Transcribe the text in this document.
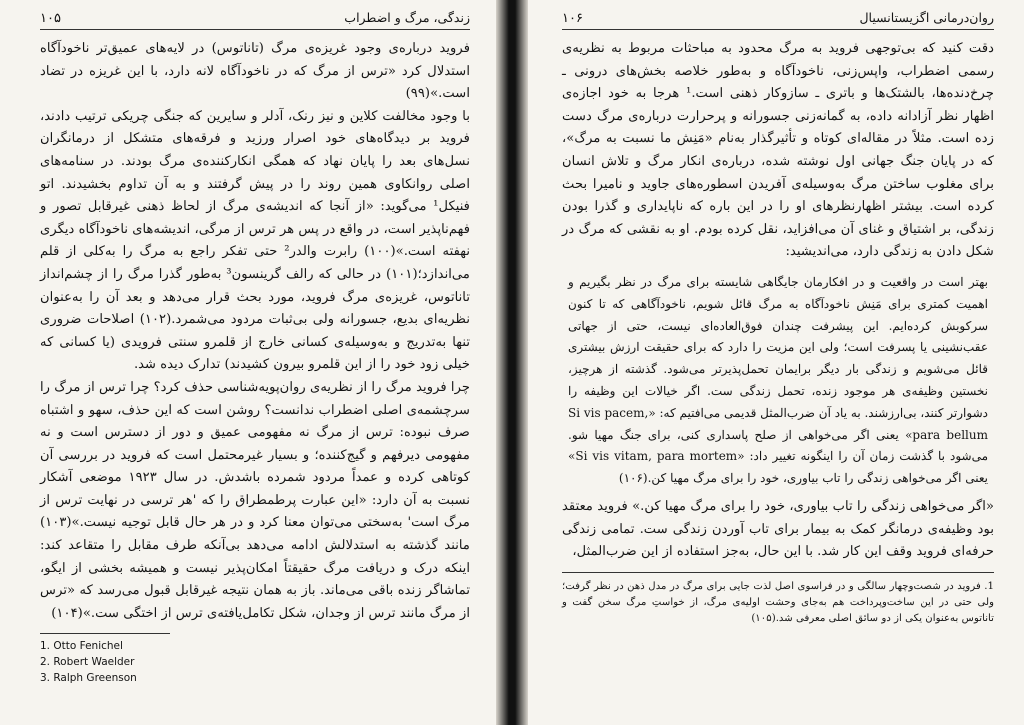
زندگی، مرگ و اضطراب
۱۰۵

فروید درباره‌ی وجود غریزه‌ی مرگ (تاناتوس) در لایه‌های عمیق‌تر ناخودآگاه استدلال کرد «ترس از مرگ که در ناخودآگاه لانه دارد، با این غریزه در تضاد است.»(۹۹)

با وجود مخالفت کلاین و نیز رنک، آدلر و سایرین که جنگی چریکی ترتیب دادند، فروید بر دیدگاه‌های خود اصرار ورزید و فرقه‌های متشکل از درمانگران نسل‌های بعد را پایان نهاد که همگی انکارکننده‌ی مرگ بودند. در سنامه‌های اصلی روانکاوی همین روند را در پیش گرفتند و به آن تداوم بخشیدند. اتو فنیکل¹ می‌گوید: «از آنجا که اندیشه‌ی مرگ از لحاظ ذهنی غیرقابل تصور و فهم‌ناپذیر است، در واقع در پس هر ترس از مرگی، اندیشه‌های ناخودآگاه دیگری نهفته است.»(۱۰۰) رابرت والدر² حتی تفکر راجع به مرگ را به‌کلی از قلم می‌اندازد؛(۱۰۱) در حالی که رالف گرینسون³ به‌طور گذرا مرگ را از چشم‌انداز تاناتوس، غریزه‌ی مرگ فروید، مورد بحث قرار می‌دهد و بعد آن را به‌عنوان نظریه‌ای بدیع، جسورانه ولی بی‌ثبات مردود می‌شمرد.(۱۰۲) اصلاحات ضروری تنها به‌تدریج و به‌وسیله‌ی کسانی خارج از قلمرو سنتی فرویدی (یا کسانی که خیلی زود خود را از این قلمرو بیرون کشیدند) تدارک دیده شد.

چرا فروید مرگ را از نظریه‌ی روان‌پویه‌شناسی حذف کرد؟ چرا ترس از مرگ را سرچشمه‌ی اصلی اضطراب ندانست؟ روشن است که این حذف، سهو و اشتباه صرف نبوده: ترس از مرگ نه مفهومی عمیق و دور از دسترس است و نه مفهومی دیرفهم و گیج‌کننده؛ و بسیار غیرمحتمل است که فروید در بررسی آن کوتاهی کرده و عمداً مردود شمرده باشدش. در سال ۱۹۲۳ موضعی آشکار نسبت به آن دارد: «این عبارت پرطمطراق را که 'هر ترسی در نهایت ترس از مرگ است' به‌سختی می‌توان معنا کرد و در هر حال قابل توجیه نیست.»(۱۰۳) مانند گذشته به استدلالش ادامه می‌دهد بی‌آنکه طرف مقابل را متقاعد کند: اینکه درک و دریافت مرگ حقیقتاً امکان‌پذیر نیست و همیشه بخشی از ایگو، تماشاگر زنده باقی می‌ماند. باز به همان نتیجه غیرقابل قبول می‌رسد که «ترس از مرگ مانند ترس از وجدان، شکل تکامل‌یافته‌ی ترس از اختگی ست.»(۱۰۴)

1. Otto Fenichel
2. Robert Waelder
3. Ralph Greenson
روان‌درمانی اگزیستانسیال
۱۰۶

دقت کنید که بی‌توجهی فروید به مرگ محدود به مباحثات مربوط به نظریه‌ی رسمی اضطراب، واپس‌زنی، ناخودآگاه و به‌طور خلاصه بخش‌های درونی ـ چرخ‌دنده‌ها، بالشتک‌ها و باتری ـ سازوکار ذهنی است.¹ هرجا به خود اجازه‌ی اظهار نظر آزادانه داده، به گمانه‌زنی جسورانه و پرحرارت درباره‌ی مرگ دست زده است. مثلاً در مقاله‌ای کوتاه و تأثیرگذار به‌نام «مَنِش ما نسبت به مرگ»، که در پایان جنگ جهانی اول نوشته شده، درباره‌ی انکار مرگ و تلاش انسان برای مغلوب ساختن مرگ به‌وسیله‌ی آفریدن اسطوره‌های جاوید و نامیرا بحث کرده است. بیشتر اظهارنظرهای او را در این باره که ناپایداری و گذرا بودن زندگی، بر اشتیاق و غنای آن می‌افزاید، نقل کرده بودم. او به نقشی که مرگ در شکل دادن به زندگی دارد، می‌اندیشید:

بهتر است در واقعیت و در افکارمان جایگاهی شایسته برای مرگ در نظر بگیریم و اهمیت کمتری برای مَنِش ناخودآگاه به مرگ قائل شویم، ناخودآگاهی که تا کنون سرکوبش کرده‌ایم. این پیشرفت چندان فوق‌العاده‌ای نیست، حتی از جهاتی عقب‌نشینی یا پسرفت است؛ ولی این مزیت را دارد که برای حقیقت ارزش بیشتری قائل می‌شویم و زندگی بار دیگر برایمان تحمل‌پذیرتر می‌شود. گذشته از هرچیز، نخستین وظیفه‌ی هر موجود زنده، تحمل زندگی ست. اگر خیالات این وظیفه را دشوارتر کنند، بی‌ارزشند. به یاد آن ضرب‌المثل قدیمی می‌افتیم که: «Si vis pacem, para bellum» یعنی اگر می‌خواهی از صلح پاسداری کنی، برای جنگ مهیا شو. می‌شود با گذشت زمان آن را اینگونه تغییر داد: «Si vis vitam, para mortem» یعنی اگر می‌خواهی زندگی را تاب بیاوری، خود را برای مرگ مهیا کن.(۱۰۶)

«اگر می‌خواهی زندگی را تاب بیاوری، خود را برای مرگ مهیا کن.» فروید معتقد بود وظیفه‌ی درمانگر کمک به بیمار برای تاب آوردن زندگی ست. تمامی زندگی حرفه‌ای فروید وقف این کار شد. با این حال، به‌جز استفاده از این ضرب‌المثل،

1. فروید در شصت‌وچهار سالگی و در فراسوی اصل لذت جایی برای مرگ در مدل ذهن در نظر گرفت؛ ولی حتی در این ساخت‌وپرداخت هم به‌جای وحشت اولیه‌ی مرگ، از خواستِ مرگ سخن گفت و تاناتوس به‌عنوان یکی از دو سائق اصلی معرفی شد.(۱۰۵)
